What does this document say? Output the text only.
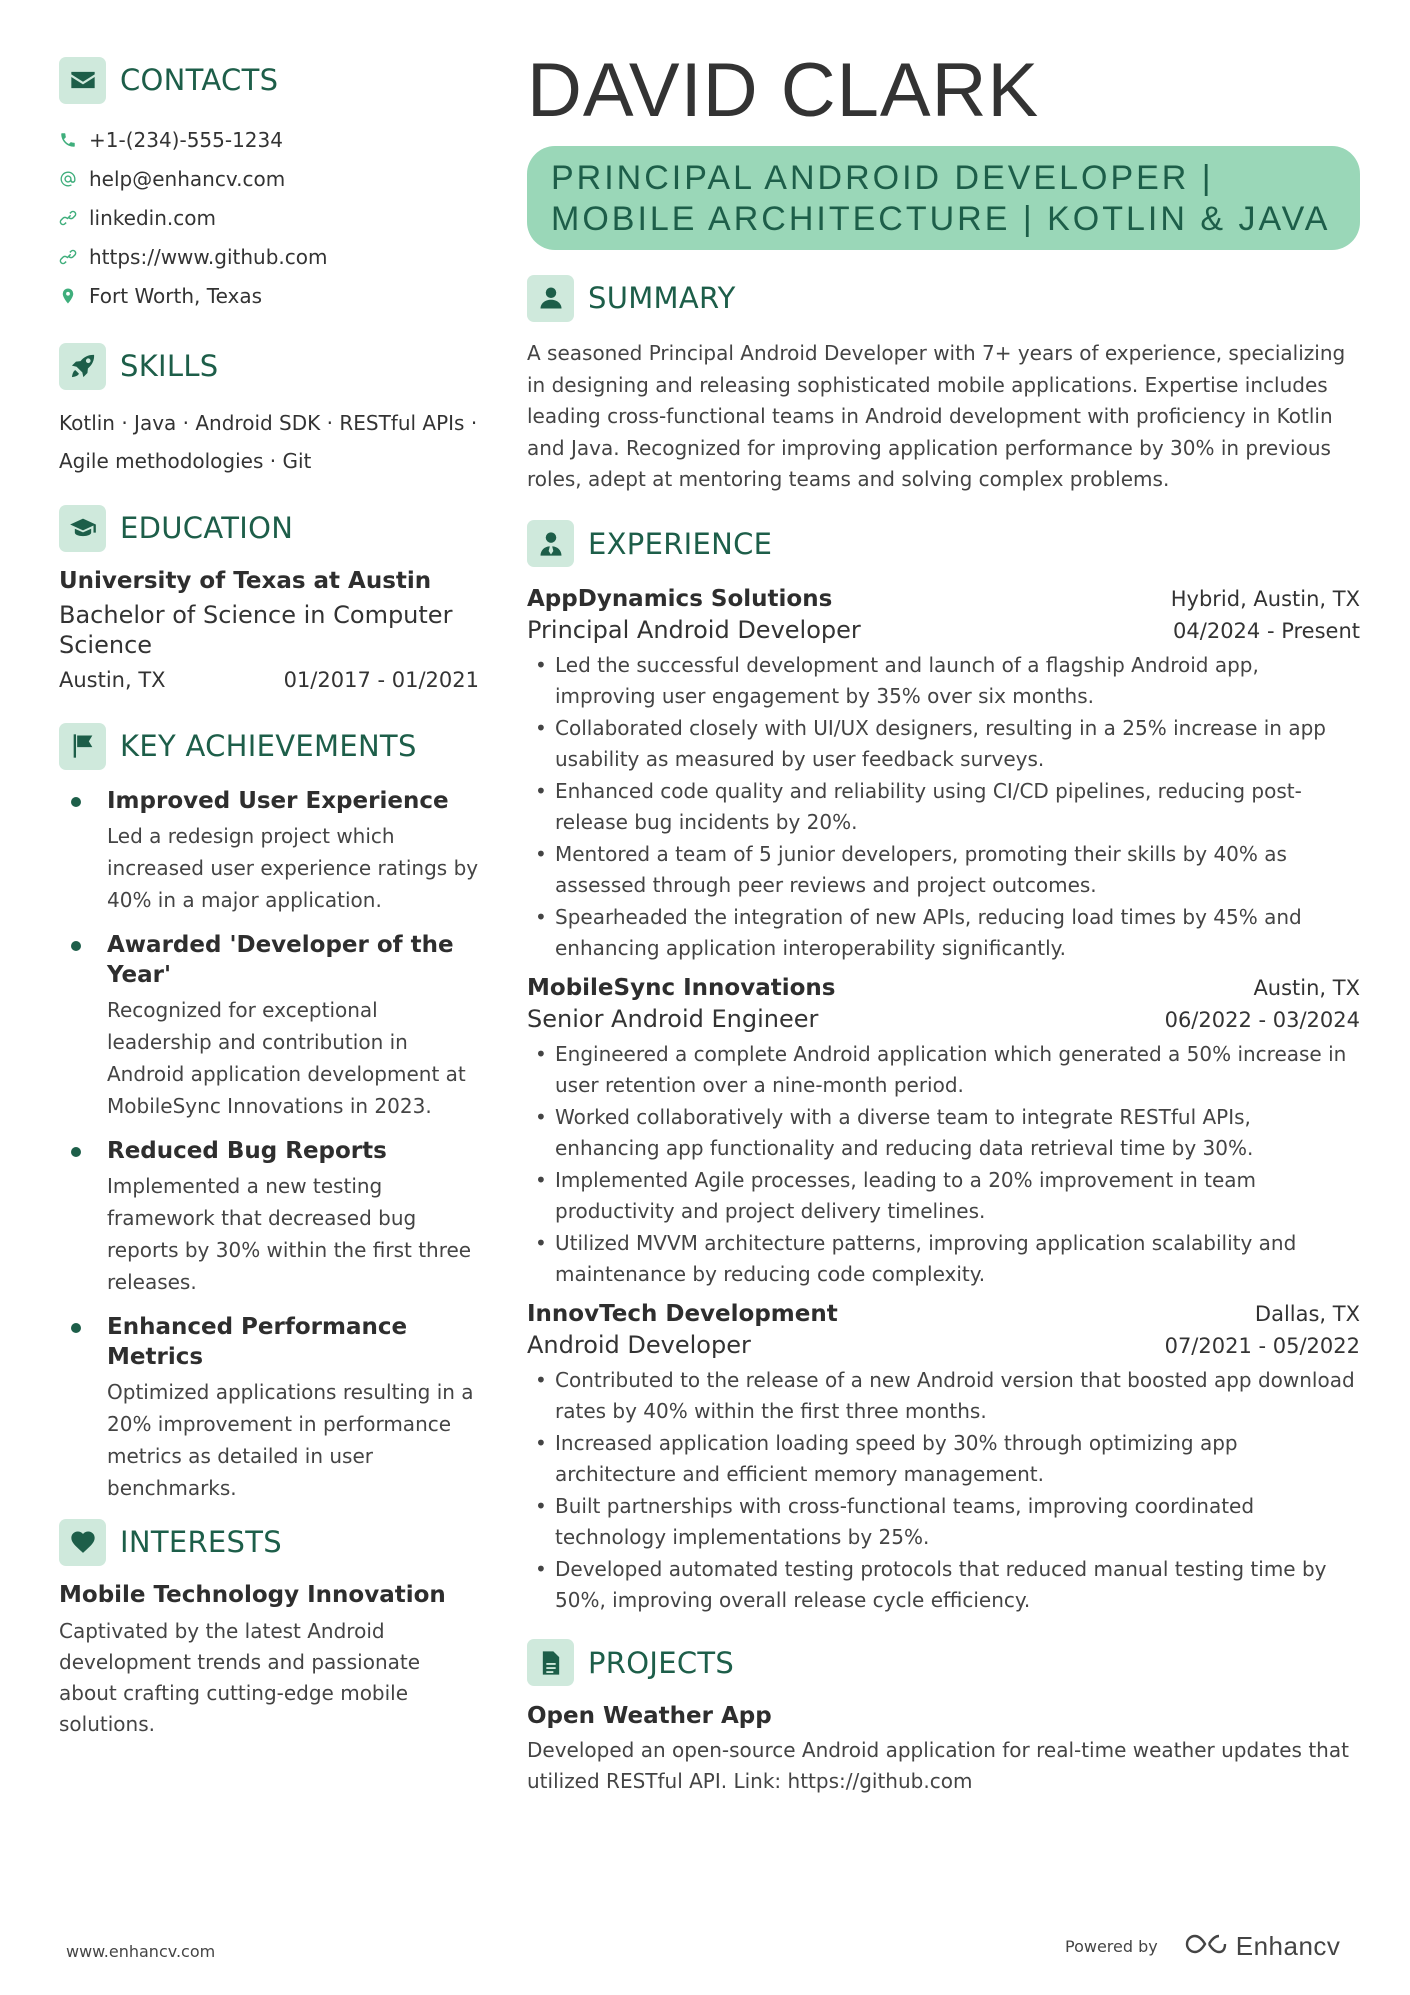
CONTACTS
+1-(234)-555-1234
help@enhancv.com
linkedin.com
https://www.github.com
Fort Worth, Texas
SKILLS
Kotlin · Java · Android SDK · RESTful APIs ·
Agile methodologies · Git
EDUCATION
University of Texas at Austin
Bachelor of Science in Computer Science
Austin, TX	01/2017 - 01/2021
KEY ACHIEVEMENTS
Improved User Experience
Led a redesign project which increased user experience ratings by 40% in a major application.
Awarded 'Developer of the Year'
Recognized for exceptional leadership and contribution in Android application development at MobileSync Innovations in 2023.
Reduced Bug Reports
Implemented a new testing framework that decreased bug reports by 30% within the first three releases.
Enhanced Performance Metrics
Optimized applications resulting in a 20% improvement in performance metrics as detailed in user benchmarks.
INTERESTS
Mobile Technology Innovation
Captivated by the latest Android development trends and passionate about crafting cutting-edge mobile solutions.
DAVID CLARK
PRINCIPAL ANDROID DEVELOPER |
MOBILE ARCHITECTURE | KOTLIN & JAVA
SUMMARY

A seasoned Principal Android Developer with 7+ years of experience, specializing in designing and releasing sophisticated mobile applications. Expertise includes leading cross-functional teams in Android development with proficiency in Kotlin and Java. Recognized for improving application performance by 30% in previous roles, adept at mentoring teams and solving complex problems.

EXPERIENCE
AppDynamics Solutions	Hybrid, Austin, TX
Principal Android Developer	04/2024 - Present
• Led the successful development and launch of a flagship Android app, improving user engagement by 35% over six months.
• Collaborated closely with UI/UX designers, resulting in a 25% increase in app usability as measured by user feedback surveys.
• Enhanced code quality and reliability using CI/CD pipelines, reducing post-release bug incidents by 20%.
• Mentored a team of 5 junior developers, promoting their skills by 40% as assessed through peer reviews and project outcomes.
• Spearheaded the integration of new APIs, reducing load times by 45% and enhancing application interoperability significantly.
MobileSync Innovations	Austin, TX
Senior Android Engineer	06/2022 - 03/2024
• Engineered a complete Android application which generated a 50% increase in user retention over a nine-month period.
• Worked collaboratively with a diverse team to integrate RESTful APIs, enhancing app functionality and reducing data retrieval time by 30%.
• Implemented Agile processes, leading to a 20% improvement in team productivity and project delivery timelines.
• Utilized MVVM architecture patterns, improving application scalability and maintenance by reducing code complexity.
InnovTech Development	Dallas, TX
Android Developer	07/2021 - 05/2022
• Contributed to the release of a new Android version that boosted app download rates by 40% within the first three months.
• Increased application loading speed by 30% through optimizing app architecture and efficient memory management.
• Built partnerships with cross-functional teams, improving coordinated technology implementations by 25%.
• Developed automated testing protocols that reduced manual testing time by 50%, improving overall release cycle efficiency.
PROJECTS
Open Weather App

Developed an open-source Android application for real-time weather updates that utilized RESTful API. Link: https://github.com

www.enhancv.com	Powered by	Enhancv
